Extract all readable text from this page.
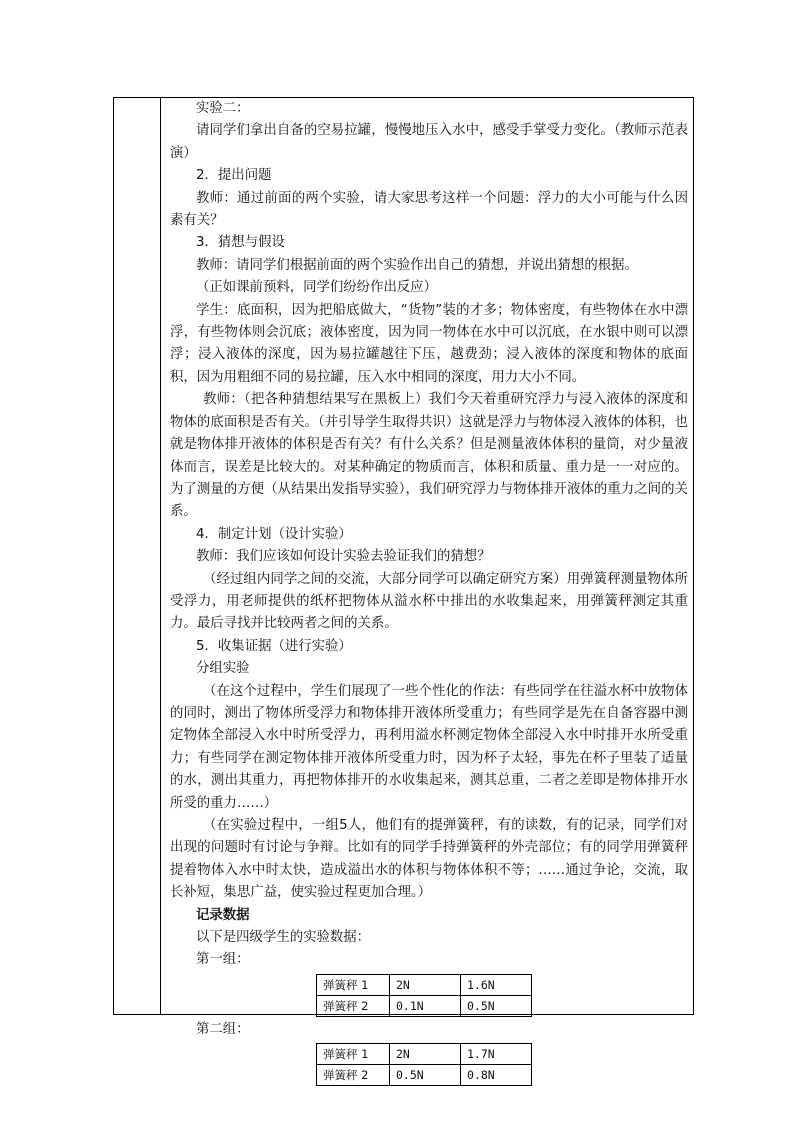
实验二：

请同学们拿出自备的空易拉罐，慢慢地压入水中，感受手掌受力变化。（教师示范表演）

2．提出问题

教师：通过前面的两个实验，请大家思考这样一个问题：浮力的大小可能与什么因素有关？

3．猜想与假设

教师：请同学们根据前面的两个实验作出自己的猜想，并说出猜想的根据。

（正如课前预料，同学们纷纷作出反应）

学生：底面积，因为把船底做大，“货物”装的才多；物体密度，有些物体在水中漂浮，有些物体则会沉底；液体密度，因为同一物体在水中可以沉底，在水银中则可以漂浮；浸入液体的深度，因为易拉罐越往下压，越费劲；浸入液体的深度和物体的底面积，因为用粗细不同的易拉罐，压入水中相同的深度，用力大小不同。

教师：（把各种猜想结果写在黑板上）我们今天着重研究浮力与浸入液体的深度和物体的底面积是否有关。（并引导学生取得共识）这就是浮力与物体浸入液体的体积，也就是物体排开液体的体积是否有关？有什么关系？但是测量液体体积的量筒，对少量液体而言，误差是比较大的。对某种确定的物质而言，体积和质量、重力是一一对应的。为了测量的方便（从结果出发指导实验），我们研究浮力与物体排开液体的重力之间的关系。

4．制定计划（设计实验）

教师：我们应该如何设计实验去验证我们的猜想？

（经过组内同学之间的交流，大部分同学可以确定研究方案）用弹簧秤测量物体所受浮力，用老师提供的纸杯把物体从溢水杯中排出的水收集起来，用弹簧秤测定其重力。最后寻找并比较两者之间的关系。

5．收集证据（进行实验）

分组实验

（在这个过程中，学生们展现了一些个性化的作法：有些同学在往溢水杯中放物体的同时，测出了物体所受浮力和物体排开液体所受重力；有些同学是先在自备容器中测定物体全部浸入水中时所受浮力，再利用溢水杯测定物体全部浸入水中时排开水所受重力；有些同学在测定物体排开液体所受重力时，因为杯子太轻，事先在杯子里装了适量的水，测出其重力，再把物体排开的水收集起来，测其总重，二者之差即是物体排开水所受的重力……）

（在实验过程中，一组5人，他们有的提弹簧秤，有的读数，有的记录，同学们对出现的问题时有讨论与争辩。比如有的同学手持弹簧秤的外壳部位；有的同学用弹簧秤提着物体入水中时太快，造成溢出水的体积与物体体积不等；……通过争论，交流，取长补短，集思广益，使实验过程更加合理。）

记录数据

以下是四级学生的实验数据：

第一组：

弹簧秤 1	2N	1.6N
弹簧秤 2	0.1N	0.5N

第二组：

弹簧秤 1	2N	1.7N
弹簧秤 2	0.5N	0.8N
